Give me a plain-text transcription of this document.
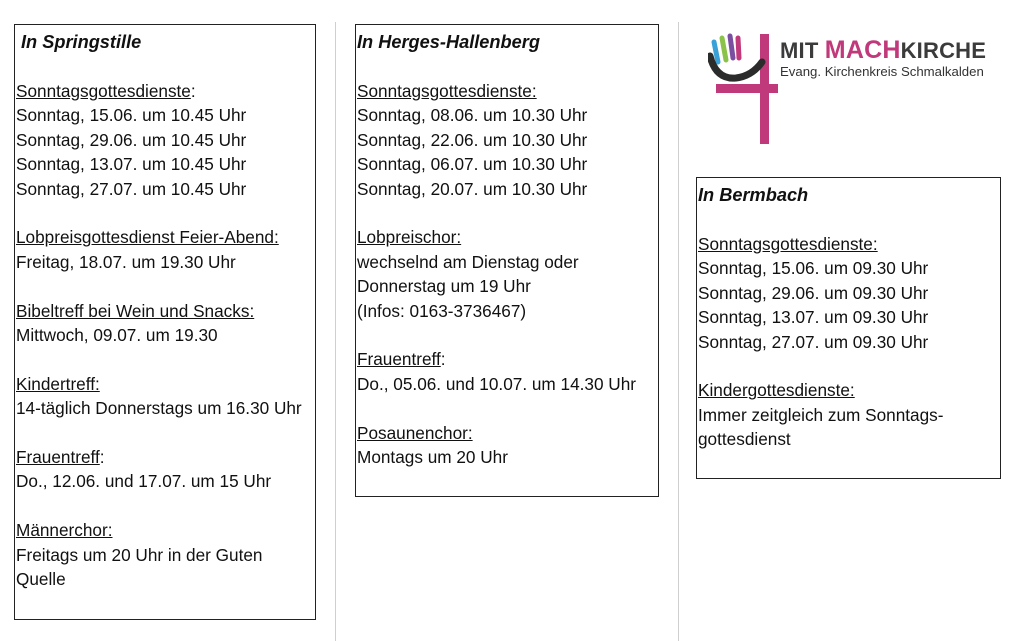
In Springstille
Sonntagsgottesdienste:
Sonntag, 15.06. um 10.45 Uhr
Sonntag, 29.06. um 10.45 Uhr
Sonntag, 13.07. um 10.45 Uhr
Sonntag, 27.07. um 10.45 Uhr
Lobpreisgottesdienst Feier-Abend:
Freitag, 18.07. um 19.30 Uhr
Bibeltreff bei Wein und Snacks:
Mittwoch, 09.07. um 19.30
Kindertreff:
14-täglich Donnerstags um 16.30 Uhr
Frauentreff:
Do., 12.06. und 17.07. um 15 Uhr
Männerchor:
Freitags um 20 Uhr in der Guten Quelle
In Herges-Hallenberg
Sonntagsgottesdienste:
Sonntag, 08.06. um 10.30 Uhr
Sonntag, 22.06. um 10.30 Uhr
Sonntag, 06.07. um 10.30 Uhr
Sonntag, 20.07. um 10.30 Uhr
Lobpreischor:
wechselnd am Dienstag oder
Donnerstag um 19 Uhr
(Infos: 0163-3736467)
Frauentreff:
Do., 05.06. und 10.07. um 14.30 Uhr
Posaunenchor:
Montags um 20 Uhr
MIT MACHKIRCHE
Evang. Kirchenkreis Schmalkalden
In Bermbach
Sonntagsgottesdienste:
Sonntag, 15.06. um 09.30 Uhr
Sonntag, 29.06. um 09.30 Uhr
Sonntag, 13.07. um 09.30 Uhr
Sonntag, 27.07. um 09.30 Uhr
Kindergottesdienste:
Immer zeitgleich zum Sonntags-
gottesdienst
